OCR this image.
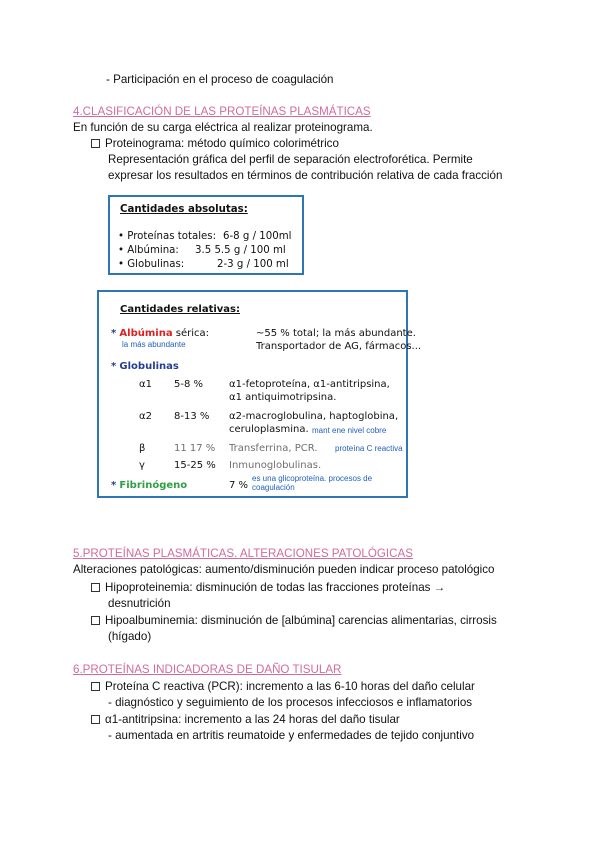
- Participación en el proceso de coagulación
4.CLASIFICACIÓN DE LAS PROTEÍNAS PLASMÁTICAS
En función de su carga eléctrica al realizar proteinograma.
Proteinograma: método químico colorimétrico
Representación gráfica del perfil de separación electroforética. Permite
expresar los resultados en términos de contribución relativa de cada fracción
Cantidades absolutas:
• Proteínas totales: 6-8 g / 100ml
• Albúmina: 3.5 5.5 g / 100 ml
• Globulinas:	2-3 g / 100 ml
Cantidades relativas:
* Albúmina sérica:
la más abundante
~55 % total; la más abundante.
Transportador de AG, fármacos...
* Globulinas
α1 5-8 %	α1-fetoproteína, α1-antitripsina,
α1 antiquimotripsina.
α2 8-13 % α2-macroglobulina, haptoglobina,
ceruloplasmina. mant ene nivel cobre
β	11 17 % Transferrina, PCR. proteína C reactiva
γ	15-25 % Inmunoglobulinas.
* Fibrinógeno	7 %
es una glicoproteína. procesos de
coagulación
5.PROTEÍNAS PLASMÁTICAS. ALTERACIONES PATOLÓGICAS
Alteraciones patológicas: aumento/disminución pueden indicar proceso patológico
Hipoproteinemia: disminución de todas las fracciones proteínas →
desnutrición
Hipoalbuminemia: disminución de [albúmina] carencias alimentarias, cirrosis
(hígado)
6.PROTEÍNAS INDICADORAS DE DAÑO TISULAR
Proteína C reactiva (PCR): incremento a las 6-10 horas del daño celular
- diagnóstico y seguimiento de los procesos infecciosos e inflamatorios
α1-antitripsina: incremento a las 24 horas del daño tisular
- aumentada en artritis reumatoide y enfermedades de tejido conjuntivo
